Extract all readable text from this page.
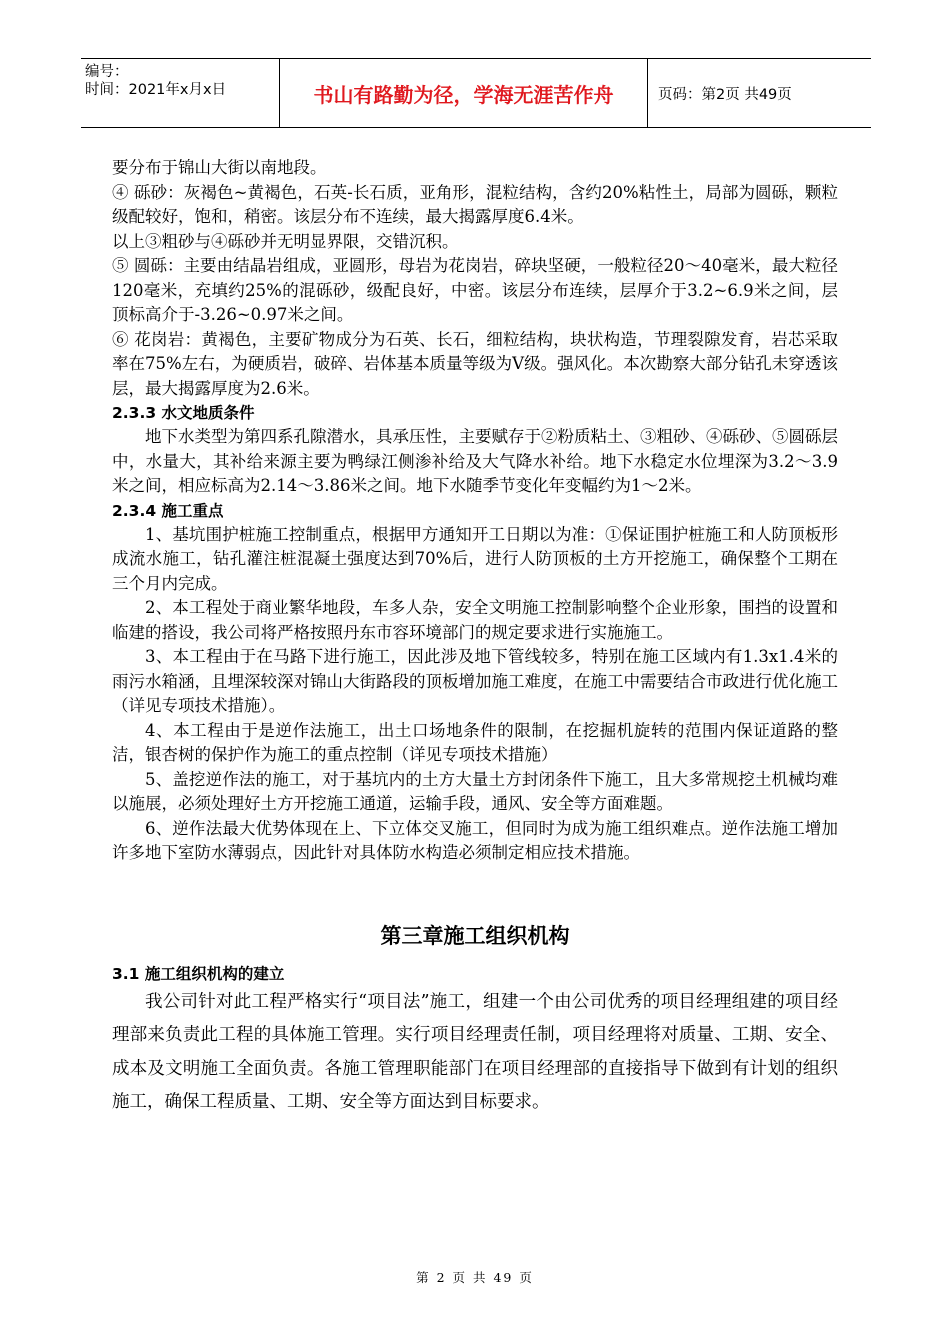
编号：
时间：2021年x月x日	书山有路勤为径，学海无涯苦作舟	页码：第2页 共49页

要分布于锦山大街以南地段。

④ 砾砂：灰褐色~黄褐色，石英-长石质，亚角形，混粒结构，含约20%粘性土，局部为圆砾，颗粒级配较好，饱和，稍密。该层分布不连续，最大揭露厚度6.4米。

以上③粗砂与④砾砂并无明显界限，交错沉积。

⑤ 圆砾：主要由结晶岩组成，亚圆形，母岩为花岗岩，碎块坚硬，一般粒径20～40毫米，最大粒径120毫米，充填约25%的混砾砂，级配良好，中密。该层分布连续，层厚介于3.2~6.9米之间，层顶标高介于-3.26~0.97米之间。

⑥ 花岗岩：黄褐色，主要矿物成分为石英、长石，细粒结构，块状构造，节理裂隙发育，岩芯采取率在75%左右，为硬质岩，破碎、岩体基本质量等级为Ⅴ级。强风化。本次勘察大部分钻孔未穿透该层，最大揭露厚度为2.6米。

2.3.3 水文地质条件

地下水类型为第四系孔隙潜水，具承压性，主要赋存于②粉质粘土、③粗砂、④砾砂、⑤圆砾层中，水量大，其补给来源主要为鸭绿江侧渗补给及大气降水补给。地下水稳定水位埋深为3.2～3.9米之间，相应标高为2.14～3.86米之间。地下水随季节变化年变幅约为1～2米。

2.3.4 施工重点

1、基坑围护桩施工控制重点，根据甲方通知开工日期以为准：①保证围护桩施工和人防顶板形成流水施工，钻孔灌注桩混凝土强度达到70%后，进行人防顶板的土方开挖施工，确保整个工期在三个月内完成。

2、本工程处于商业繁华地段，车多人杂，安全文明施工控制影响整个企业形象，围挡的设置和临建的搭设，我公司将严格按照丹东市容环境部门的规定要求进行实施施工。

3、本工程由于在马路下进行施工，因此涉及地下管线较多，特别在施工区域内有1.3x1.4米的雨污水箱涵，且埋深较深对锦山大街路段的顶板增加施工难度，在施工中需要结合市政进行优化施工（详见专项技术措施）。

4、本工程由于是逆作法施工，出土口场地条件的限制，在挖掘机旋转的范围内保证道路的整洁，银杏树的保护作为施工的重点控制（详见专项技术措施）

5、盖挖逆作法的施工，对于基坑内的土方大量土方封闭条件下施工，且大多常规挖土机械均难以施展，必须处理好土方开挖施工通道，运输手段，通风、安全等方面难题。

6、逆作法最大优势体现在上、下立体交叉施工，但同时为成为施工组织难点。逆作法施工增加许多地下室防水薄弱点，因此针对具体防水构造必须制定相应技术措施。

第三章施工组织机构

3.1 施工组织机构的建立

我公司针对此工程严格实行“项目法”施工，组建一个由公司优秀的项目经理组建的项目经理部来负责此工程的具体施工管理。实行项目经理责任制，项目经理将对质量、工期、安全、成本及文明施工全面负责。各施工管理职能部门在项目经理部的直接指导下做到有计划的组织施工，确保工程质量、工期、安全等方面达到目标要求。

第 2 页 共 49 页
